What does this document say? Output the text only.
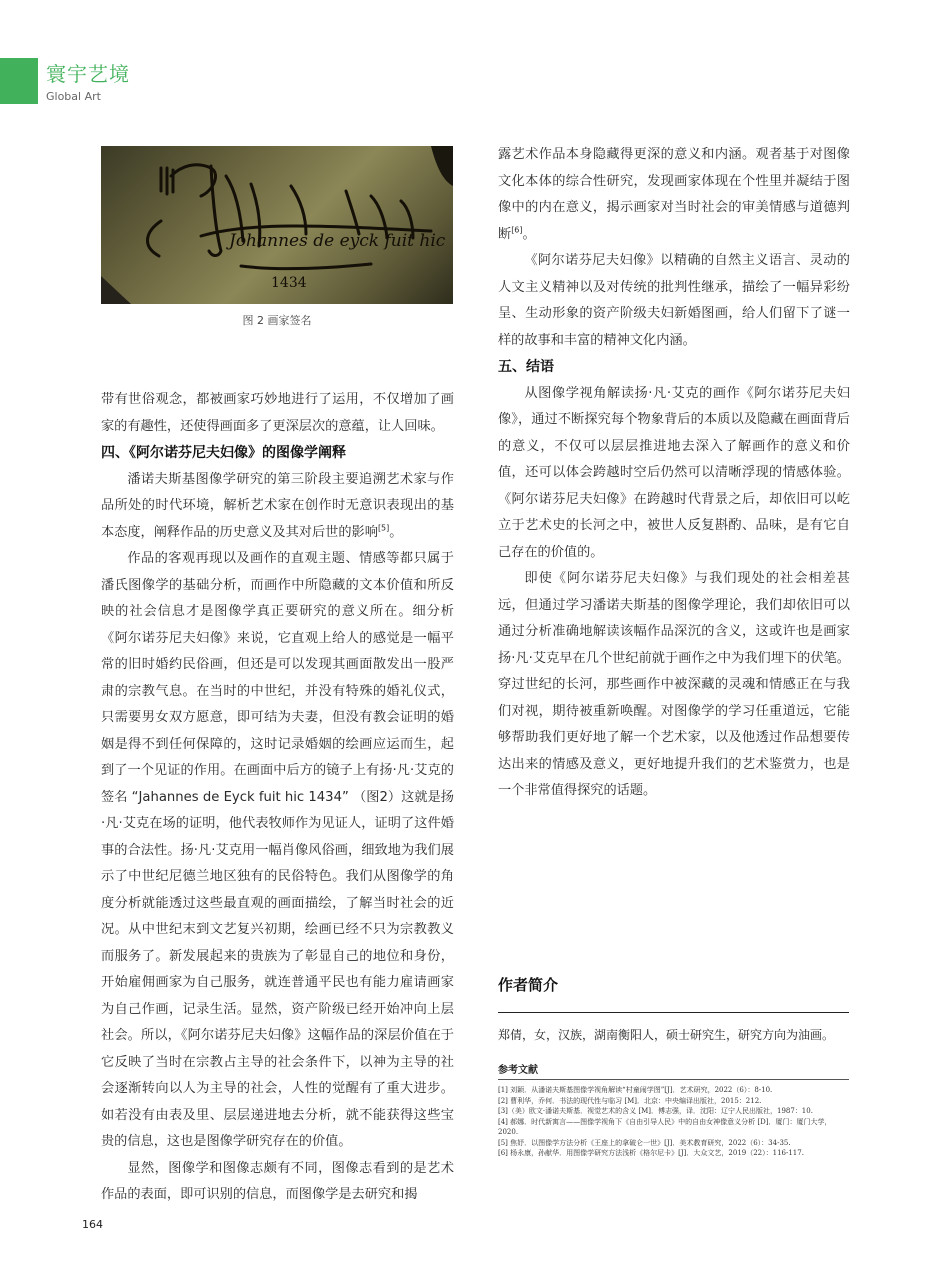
寰宇艺境
Global Art
Johannes de eyck fuit hic
1434
图 2 画家签名

带有世俗观念，都被画家巧妙地进行了运用，不仅增加了画家的有趣性，还使得画面多了更深层次的意蕴，让人回味。

四、《阿尔诺芬尼夫妇像》的图像学阐释

潘诺夫斯基图像学研究的第三阶段主要追溯艺术家与作品所处的时代环境，解析艺术家在创作时无意识表现出的基本态度，阐释作品的历史意义及其对后世的影响[5]。

作品的客观再现以及画作的直观主题、情感等都只属于潘氏图像学的基础分析，而画作中所隐藏的文本价值和所反映的社会信息才是图像学真正要研究的意义所在。细分析《阿尔诺芬尼夫妇像》来说，它直观上给人的感觉是一幅平常的旧时婚约民俗画，但还是可以发现其画面散发出一股严肃的宗教气息。在当时的中世纪，并没有特殊的婚礼仪式，只需要男女双方愿意，即可结为夫妻，但没有教会证明的婚姻是得不到任何保障的，这时记录婚姻的绘画应运而生，起到了一个见证的作用。在画面中后方的镜子上有扬·凡·艾克的签名 “Jahannes de Eyck fuit hic 1434” （图2）这就是扬·凡·艾克在场的证明，他代表牧师作为见证人，证明了这件婚事的合法性。扬·凡·艾克用一幅肖像风俗画，细致地为我们展示了中世纪尼德兰地区独有的民俗特色。我们从图像学的角度分析就能透过这些最直观的画面描绘，了解当时社会的近况。从中世纪末到文艺复兴初期，绘画已经不只为宗教教义而服务了。新发展起来的贵族为了彰显自己的地位和身份，开始雇佣画家为自己服务，就连普通平民也有能力雇请画家为自己作画，记录生活。显然，资产阶级已经开始冲向上层社会。所以，《阿尔诺芬尼夫妇像》这幅作品的深层价值在于它反映了当时在宗教占主导的社会条件下，以神为主导的社会逐渐转向以人为主导的社会，人性的觉醒有了重大进步。如若没有由表及里、层层递进地去分析，就不能获得这些宝贵的信息，这也是图像学研究存在的价值。

显然，图像学和图像志颇有不同，图像志看到的是艺术作品的表面，即可识别的信息，而图像学是去研究和揭

露艺术作品本身隐藏得更深的意义和内涵。观者基于对图像文化本体的综合性研究，发现画家体现在个性里并凝结于图像中的内在意义，揭示画家对当时社会的审美情感与道德判断[6]。

《阿尔诺芬尼夫妇像》以精确的自然主义语言、灵动的人文主义精神以及对传统的批判性继承，描绘了一幅异彩纷呈、生动形象的资产阶级夫妇新婚图画，给人们留下了谜一样的故事和丰富的精神文化内涵。

五、结语

从图像学视角解读扬·凡·艾克的画作《阿尔诺芬尼夫妇像》，通过不断探究每个物象背后的本质以及隐藏在画面背后的意义，不仅可以层层推进地去深入了解画作的意义和价值，还可以体会跨越时空后仍然可以清晰浮现的情感体验。《阿尔诺芬尼夫妇像》在跨越时代背景之后，却依旧可以屹立于艺术史的长河之中，被世人反复斟酌、品味，是有它自己存在的价值的。

即使《阿尔诺芬尼夫妇像》与我们现处的社会相差甚远，但通过学习潘诺夫斯基的图像学理论，我们却依旧可以通过分析准确地解读该幅作品深沉的含义，这或许也是画家扬·凡·艾克早在几个世纪前就于画作之中为我们埋下的伏笔。穿过世纪的长河，那些画作中被深藏的灵魂和情感正在与我们对视，期待被重新唤醒。对图像学的学习任重道远，它能够帮助我们更好地了解一个艺术家，以及他透过作品想要传达出来的情感及意义，更好地提升我们的艺术鉴赏力，也是一个非常值得探究的话题。

作者简介
郑倩，女，汉族，湖南衡阳人，硕士研究生，研究方向为油画。
参考文献
[1] 刘颖．从潘诺夫斯基图像学视角解读“村童闹学图”[J]．艺术研究，2022（6）：8-10.
[2] 曹利华，乔何．书法的现代性与临习 [M]．北京：中央编译出版社，2015：212.
[3]（美）欧文·潘诺夫斯基．视觉艺术的含义 [M]．傅志强，译．沈阳：辽宁人民出版社，1987：10.
[4] 郝娜．时代新寓言——图像学视角下《自由引导人民》中的自由女神像意义分析 [D]．厦门：厦门大学，2020.
[5] 焦妤．以图像学方法分析《王座上的拿破仑一世》[J]．美术教育研究，2022（6）：34-35.
[6] 杨永康，孙献华．用图像学研究方法浅析《格尔尼卡》[J]．大众文艺，2019（22）：116-117.
164
